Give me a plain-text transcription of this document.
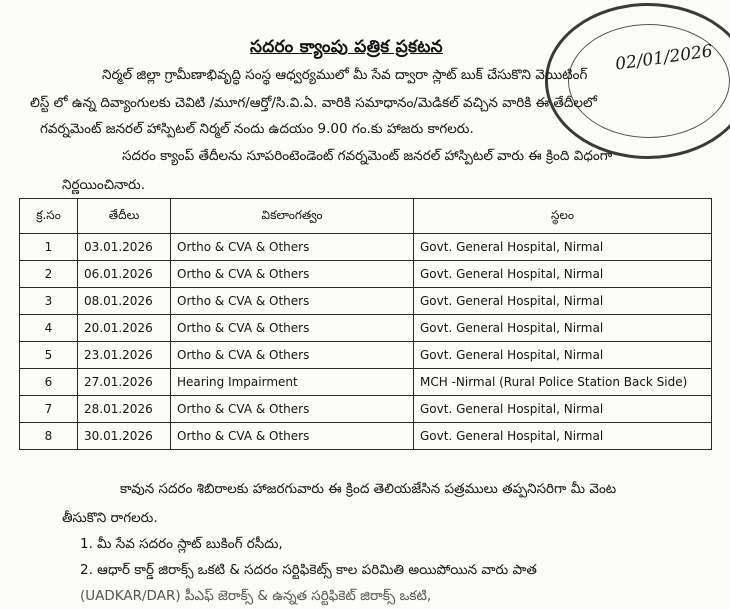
02/01/2026
సదరం క్యాంపు పత్రిక ప్రకటన
నిర్మల్ జిల్లా గ్రామీణాభివృద్ధి సంస్థ ఆధ్వర్యములో మీ సేవ ద్వారా స్లాట్ బుక్ చేసుకొని వెయిటింగ్
లిస్ట్ లో ఉన్న దివ్యాంగులకు చెవిటి /మూగ/ఆర్తో/సి.వి.ఏ. వారికి సమాధానం/మెడికల్ వచ్చిన వారికి ఈ తేదీలలో
గవర్నమెంట్ జనరల్ హాస్పిటల్ నిర్మల్ నందు ఉదయం 9.00 గం.కు హాజరు కాగలరు.
సదరం క్యాంప్ తేదీలను సూపరింటెండెంట్ గవర్నమెంట్ జనరల్ హాస్పిటల్ వారు ఈ క్రింది విధంగా
నిర్ణయించినారు.
క్ర.సం	తేదీలు	వికలాంగత్వం	స్థలం
1	03.01.2026	Ortho & CVA & Others	Govt. General Hospital, Nirmal
2	06.01.2026	Ortho & CVA & Others	Govt. General Hospital, Nirmal
3	08.01.2026	Ortho & CVA & Others	Govt. General Hospital, Nirmal
4	20.01.2026	Ortho & CVA & Others	Govt. General Hospital, Nirmal
5	23.01.2026	Ortho & CVA & Others	Govt. General Hospital, Nirmal
6	27.01.2026	Hearing Impairment	MCH -Nirmal (Rural Police Station Back Side)
7	28.01.2026	Ortho & CVA & Others	Govt. General Hospital, Nirmal
8	30.01.2026	Ortho & CVA & Others	Govt. General Hospital, Nirmal
కావున సదరం శిబిరాలకు హాజరగువారు ఈ క్రింద తెలియజేసిన పత్రములు తప్పనిసరిగా మీ వెంట
తీసుకొని రాగలరు.
1. మీ సేవ సదరం స్లాట్ బుకింగ్ రసీదు,
2. ఆధార్ కార్డ్ జిరాక్స్ ఒకటి & సదరం సర్టిఫికెట్స్ కాల పరిమితి అయిపోయిన వారు పాత
(UADKAR/DAR) పీఎఫ్ జెరాక్స్ & ఉన్నత సర్టిఫికెట్ జిరాక్స్ ఒకటి,
